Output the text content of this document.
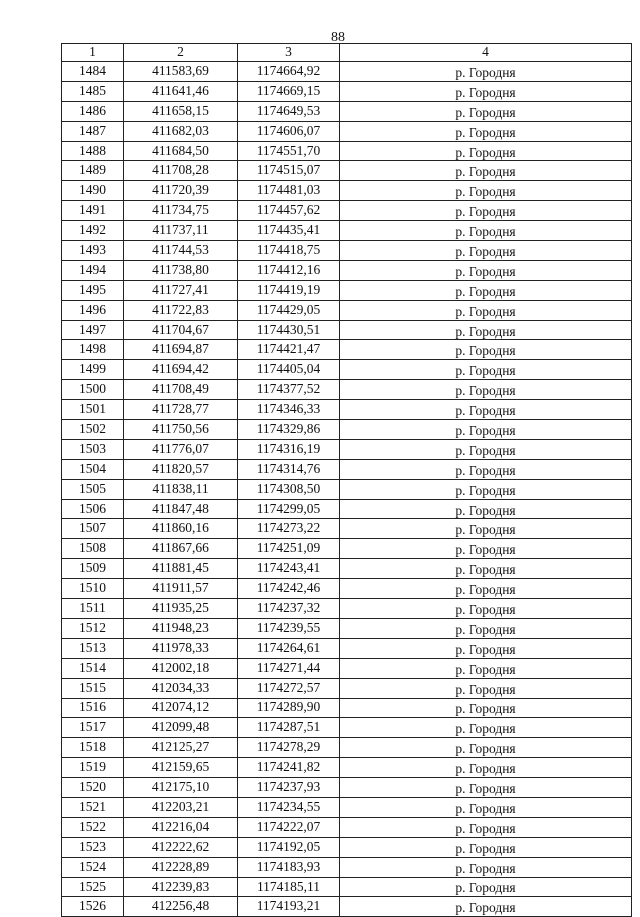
88
1	2	3	4
1484	411583,69	1174664,92	р. Городня
1485	411641,46	1174669,15	р. Городня
1486	411658,15	1174649,53	р. Городня
1487	411682,03	1174606,07	р. Городня
1488	411684,50	1174551,70	р. Городня
1489	411708,28	1174515,07	р. Городня
1490	411720,39	1174481,03	р. Городня
1491	411734,75	1174457,62	р. Городня
1492	411737,11	1174435,41	р. Городня
1493	411744,53	1174418,75	р. Городня
1494	411738,80	1174412,16	р. Городня
1495	411727,41	1174419,19	р. Городня
1496	411722,83	1174429,05	р. Городня
1497	411704,67	1174430,51	р. Городня
1498	411694,87	1174421,47	р. Городня
1499	411694,42	1174405,04	р. Городня
1500	411708,49	1174377,52	р. Городня
1501	411728,77	1174346,33	р. Городня
1502	411750,56	1174329,86	р. Городня
1503	411776,07	1174316,19	р. Городня
1504	411820,57	1174314,76	р. Городня
1505	411838,11	1174308,50	р. Городня
1506	411847,48	1174299,05	р. Городня
1507	411860,16	1174273,22	р. Городня
1508	411867,66	1174251,09	р. Городня
1509	411881,45	1174243,41	р. Городня
1510	411911,57	1174242,46	р. Городня
1511	411935,25	1174237,32	р. Городня
1512	411948,23	1174239,55	р. Городня
1513	411978,33	1174264,61	р. Городня
1514	412002,18	1174271,44	р. Городня
1515	412034,33	1174272,57	р. Городня
1516	412074,12	1174289,90	р. Городня
1517	412099,48	1174287,51	р. Городня
1518	412125,27	1174278,29	р. Городня
1519	412159,65	1174241,82	р. Городня
1520	412175,10	1174237,93	р. Городня
1521	412203,21	1174234,55	р. Городня
1522	412216,04	1174222,07	р. Городня
1523	412222,62	1174192,05	р. Городня
1524	412228,89	1174183,93	р. Городня
1525	412239,83	1174185,11	р. Городня
1526	412256,48	1174193,21	р. Городня
